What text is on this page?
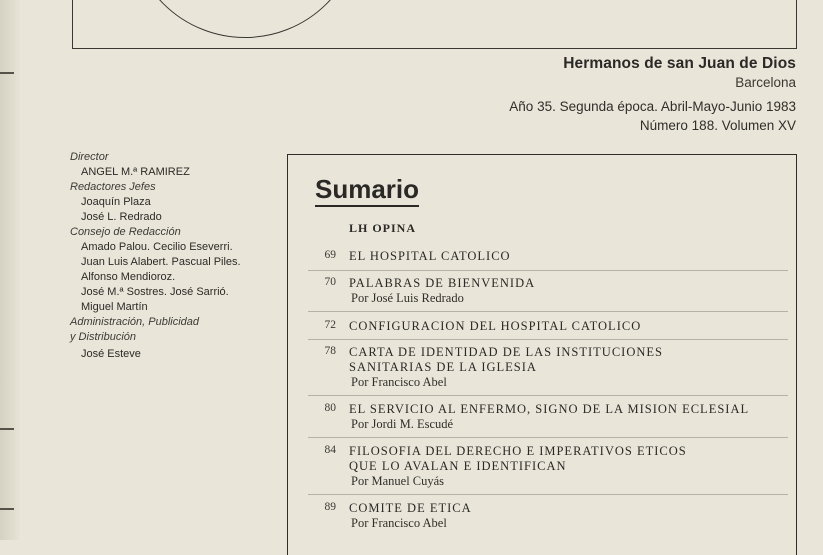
Hermanos de san Juan de Dios
Barcelona
Año 35. Segunda época. Abril-Mayo-Junio 1983
Número 188. Volumen XV
Director
ANGEL M.ª RAMIREZ
Redactores Jefes
Joaquín Plaza
José L. Redrado
Consejo de Redacción
Amado Palou. Cecilio Eseverri.
Juan Luis Alabert. Pascual Piles.
Alfonso Mendioroz.
José M.ª Sostres. José Sarrió.
Miguel Martín
Administración, Publicidad
y Distribución
José Esteve
Sumario
LH OPINA
69 EL HOSPITAL CATOLICO
70 PALABRAS DE BIENVENIDA
Por José Luis Redrado
72 CONFIGURACION DEL HOSPITAL CATOLICO
78 CARTA DE IDENTIDAD DE LAS INSTITUCIONES
SANITARIAS DE LA IGLESIA
Por Francisco Abel
80 EL SERVICIO AL ENFERMO, SIGNO DE LA MISION ECLESIAL
Por Jordi M. Escudé
84 FILOSOFIA DEL DERECHO E IMPERATIVOS ETICOS
QUE LO AVALAN E IDENTIFICAN
Por Manuel Cuyás
89 COMITE DE ETICA
Por Francisco Abel
